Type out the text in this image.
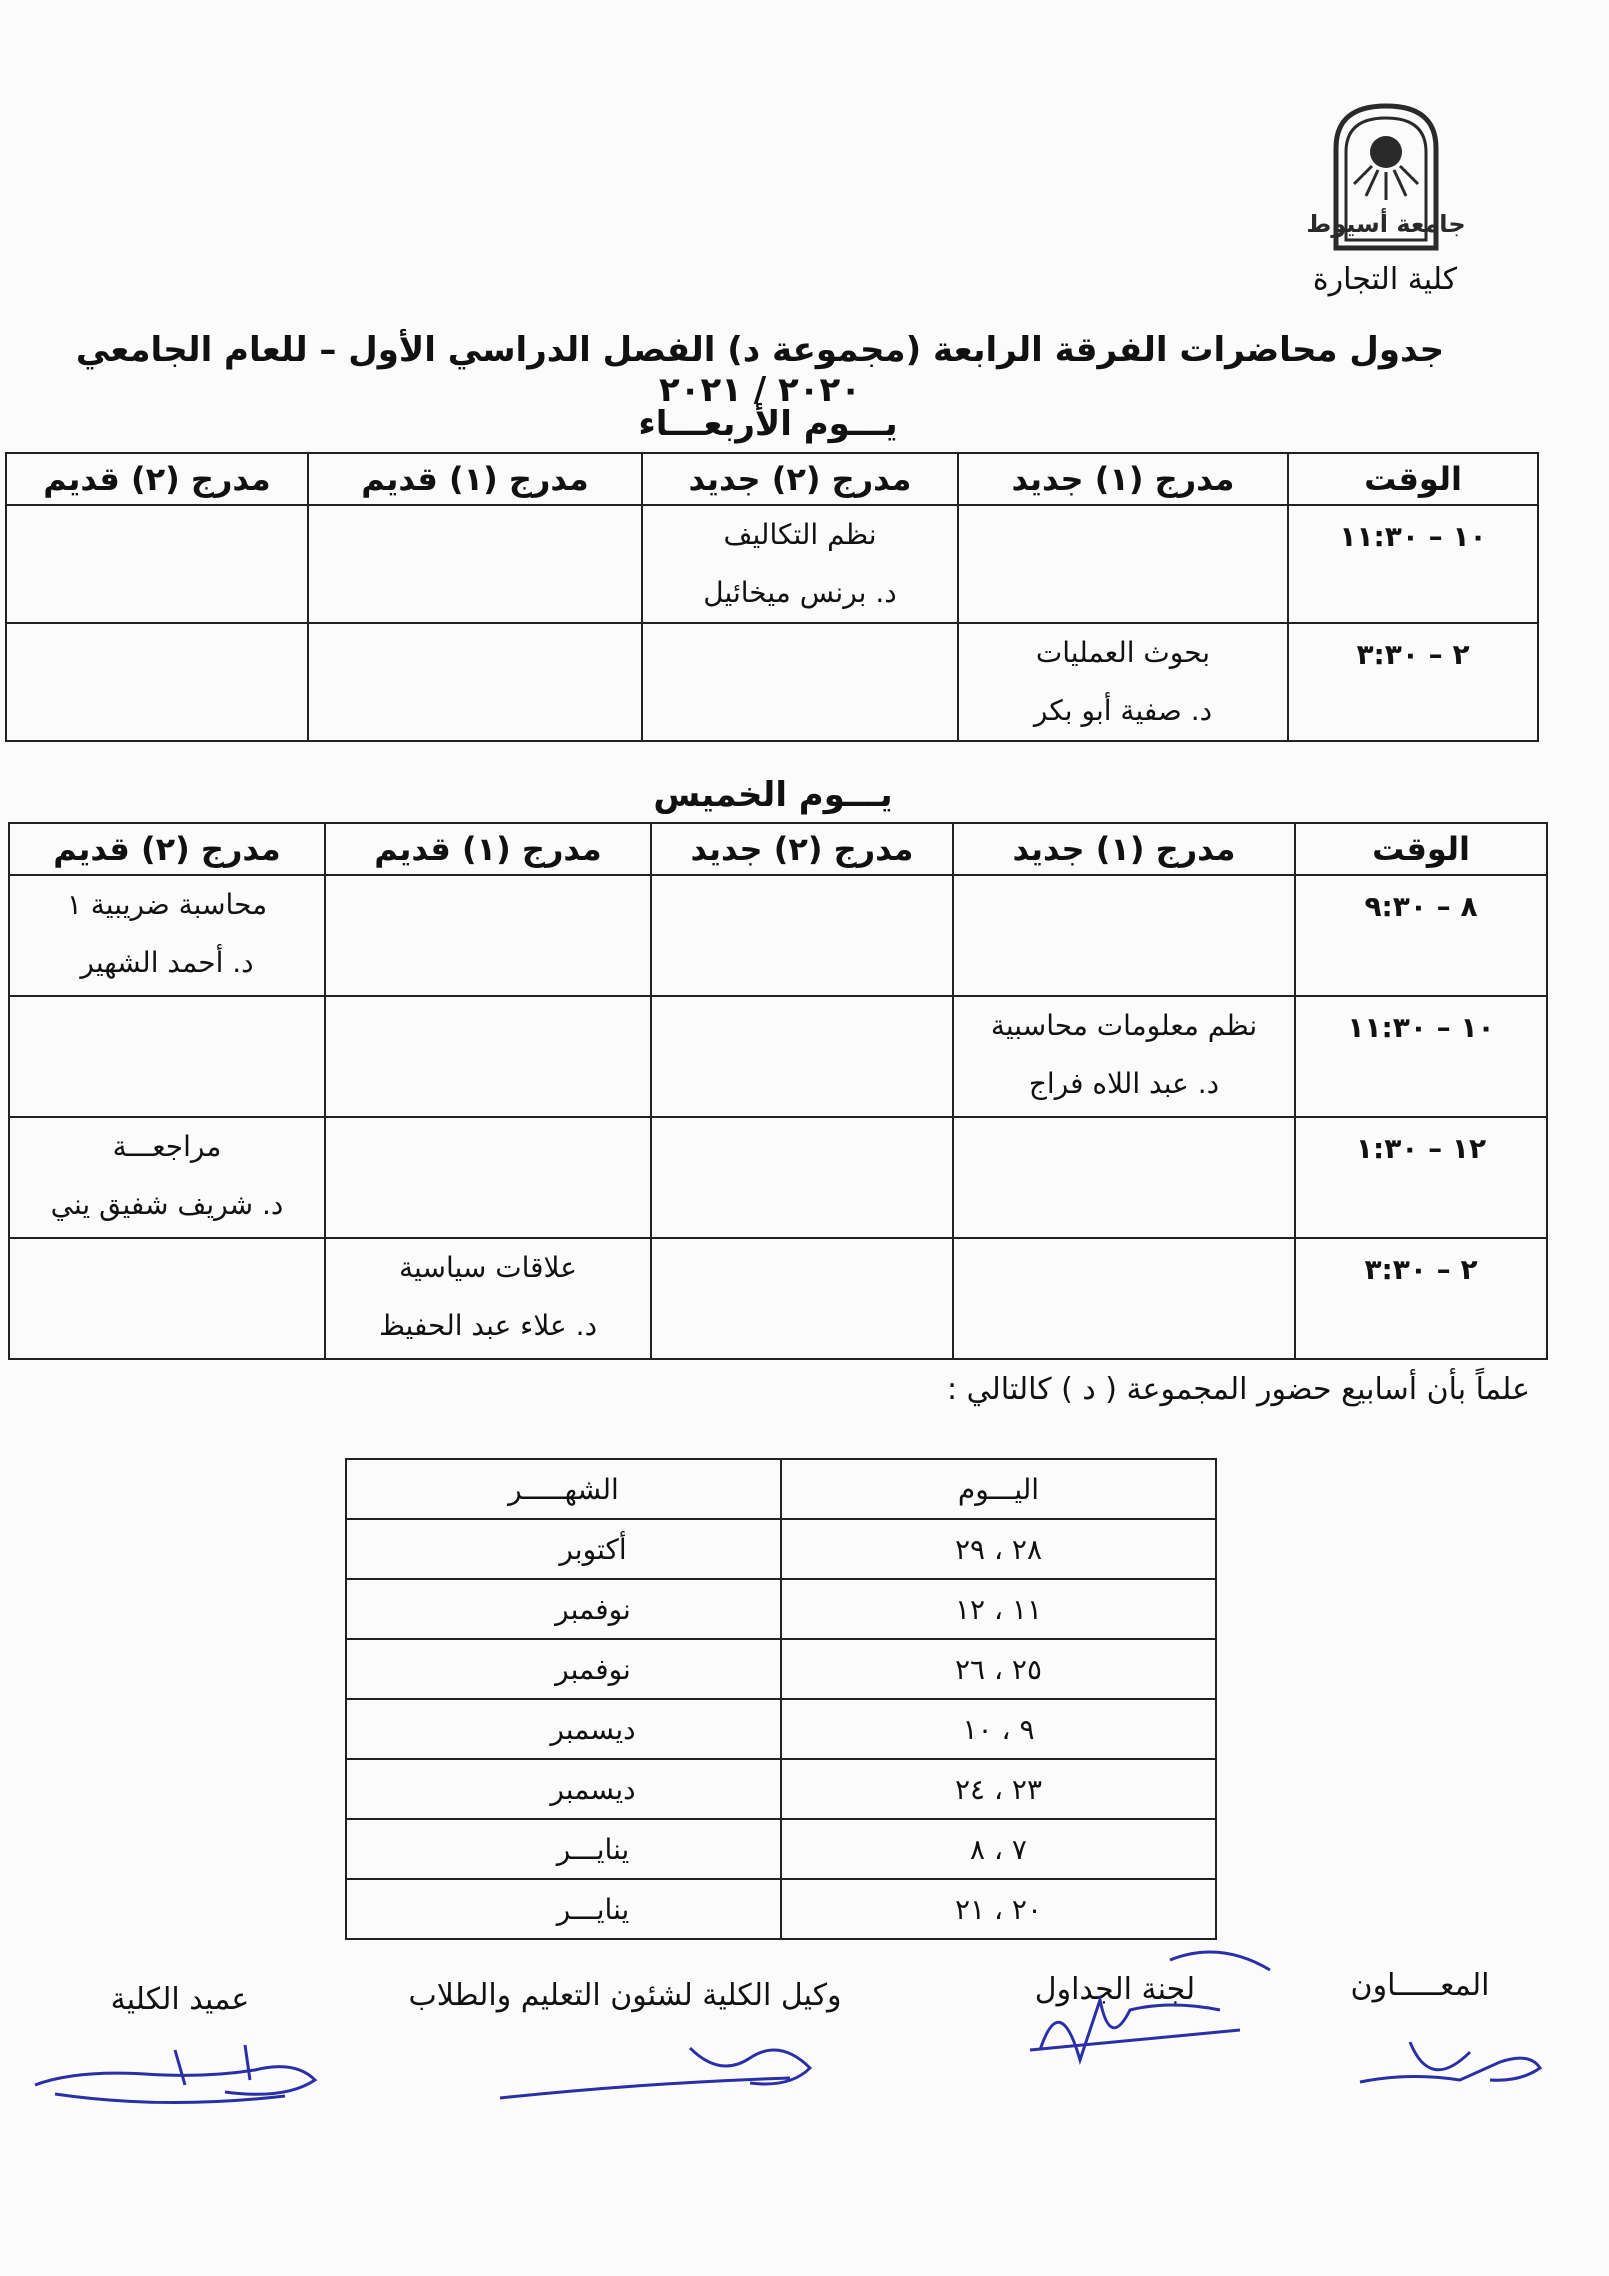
جامعة أسيوط
كلية التجارة
جدول محاضرات الفرقة الرابعة (مجموعة د) الفصل الدراسي الأول – للعام الجامعي ٢٠٢٠ / ٢٠٢١
يـــوم الأربعـــاء
الوقت	مدرج (١) جديد	مدرج (٢) جديد	مدرج (١) قديم	مدرج (٢) قديم
١٠ – ١١:٣٠		نظم التكاليف
د. برنس ميخائيل		

٢ – ٣:٣٠	بحوث العمليات
د. صفية أبو بكر			

يـــوم الخميس
الوقت	مدرج (١) جديد	مدرج (٢) جديد	مدرج (١) قديم	مدرج (٢) قديم
٨ – ٩:٣٠				محاسبة ضريبية ١
د. أحمد الشهير

١٠ – ١١:٣٠	نظم معلومات محاسبية
د. عبد اللاه فراج			

١٢ – ١:٣٠				مراجعـــة
د. شريف شفيق يني

٢ – ٣:٣٠			علاقات سياسية
د. علاء عبد الحفيظ	

علماً بأن أسابيع حضور المجموعة ( د ) كالتالي :
اليـــوم	الشهـــــر
٢٨ ، ٢٩	أكتوبر
١١ ، ١٢	نوفمبر
٢٥ ، ٢٦	نوفمبر
٩ ، ١٠	ديسمبر
٢٣ ، ٢٤	ديسمبر
٧ ، ٨	ينايـــر
٢٠ ، ٢١	ينايـــر
المعـــــاون
لجنة الجداول
وكيل الكلية لشئون التعليم والطلاب
عميد الكلية
